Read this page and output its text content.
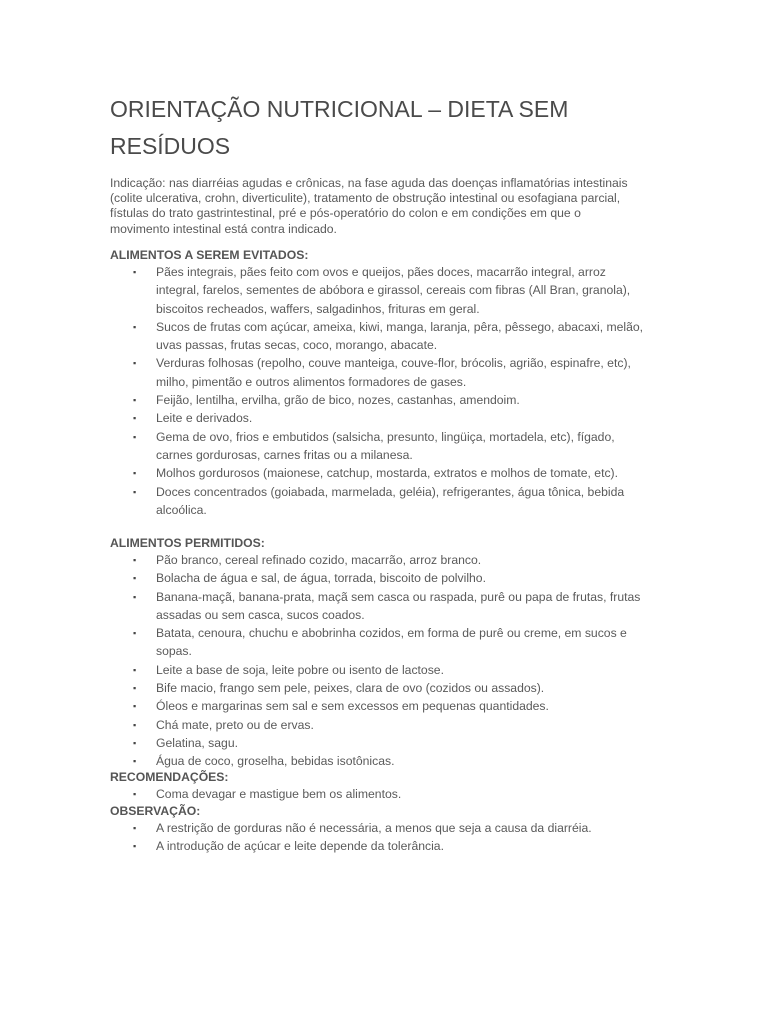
ORIENTAÇÃO NUTRICIONAL – DIETA SEM RESÍDUOS

Indicação: nas diarréias agudas e crônicas, na fase aguda das doenças inflamatórias intestinais (colite ulcerativa, crohn, diverticulite), tratamento de obstrução intestinal ou esofagiana parcial, fístulas do trato gastrintestinal, pré e pós-operatório do colon e em condições em que o movimento intestinal está contra indicado.

ALIMENTOS A SEREM EVITADOS:
▪ Pães integrais, pães feito com ovos e queijos, pães doces, macarrão integral, arroz integral, farelos, sementes de abóbora e girassol, cereais com fibras (All Bran, granola), biscoitos recheados, waffers, salgadinhos, frituras em geral.
▪ Sucos de frutas com açúcar, ameixa, kiwi, manga, laranja, pêra, pêssego, abacaxi, melão, uvas passas, frutas secas, coco, morango, abacate.
▪ Verduras folhosas (repolho, couve manteiga, couve-flor, brócolis, agrião, espinafre, etc), milho, pimentão e outros alimentos formadores de gases.
▪ Feijão, lentilha, ervilha, grão de bico, nozes, castanhas, amendoim.
▪ Leite e derivados.
▪ Gema de ovo, frios e embutidos (salsicha, presunto, lingüiça, mortadela, etc), fígado, carnes gordurosas, carnes fritas ou a milanesa.
▪ Molhos gordurosos (maionese, catchup, mostarda, extratos e molhos de tomate, etc).
▪ Doces concentrados (goiabada, marmelada, geléia), refrigerantes, água tônica, bebida alcoólica.
ALIMENTOS PERMITIDOS:
▪ Pão branco, cereal refinado cozido, macarrão, arroz branco.
▪ Bolacha de água e sal, de água, torrada, biscoito de polvilho.
▪ Banana-maçã, banana-prata, maçã sem casca ou raspada, purê ou papa de frutas, frutas assadas ou sem casca, sucos coados.
▪ Batata, cenoura, chuchu e abobrinha cozidos, em forma de purê ou creme, em sucos e sopas.
▪ Leite a base de soja, leite pobre ou isento de lactose.
▪ Bife macio, frango sem pele, peixes, clara de ovo (cozidos ou assados).
▪ Óleos e margarinas sem sal e sem excessos em pequenas quantidades.
▪ Chá mate, preto ou de ervas.
▪ Gelatina, sagu.
▪ Água de coco, groselha, bebidas isotônicas.
RECOMENDAÇÕES:
▪ Coma devagar e mastigue bem os alimentos.
OBSERVAÇÃO:
▪ A restrição de gorduras não é necessária, a menos que seja a causa da diarréia.
▪ A introdução de açúcar e leite depende da tolerância.
